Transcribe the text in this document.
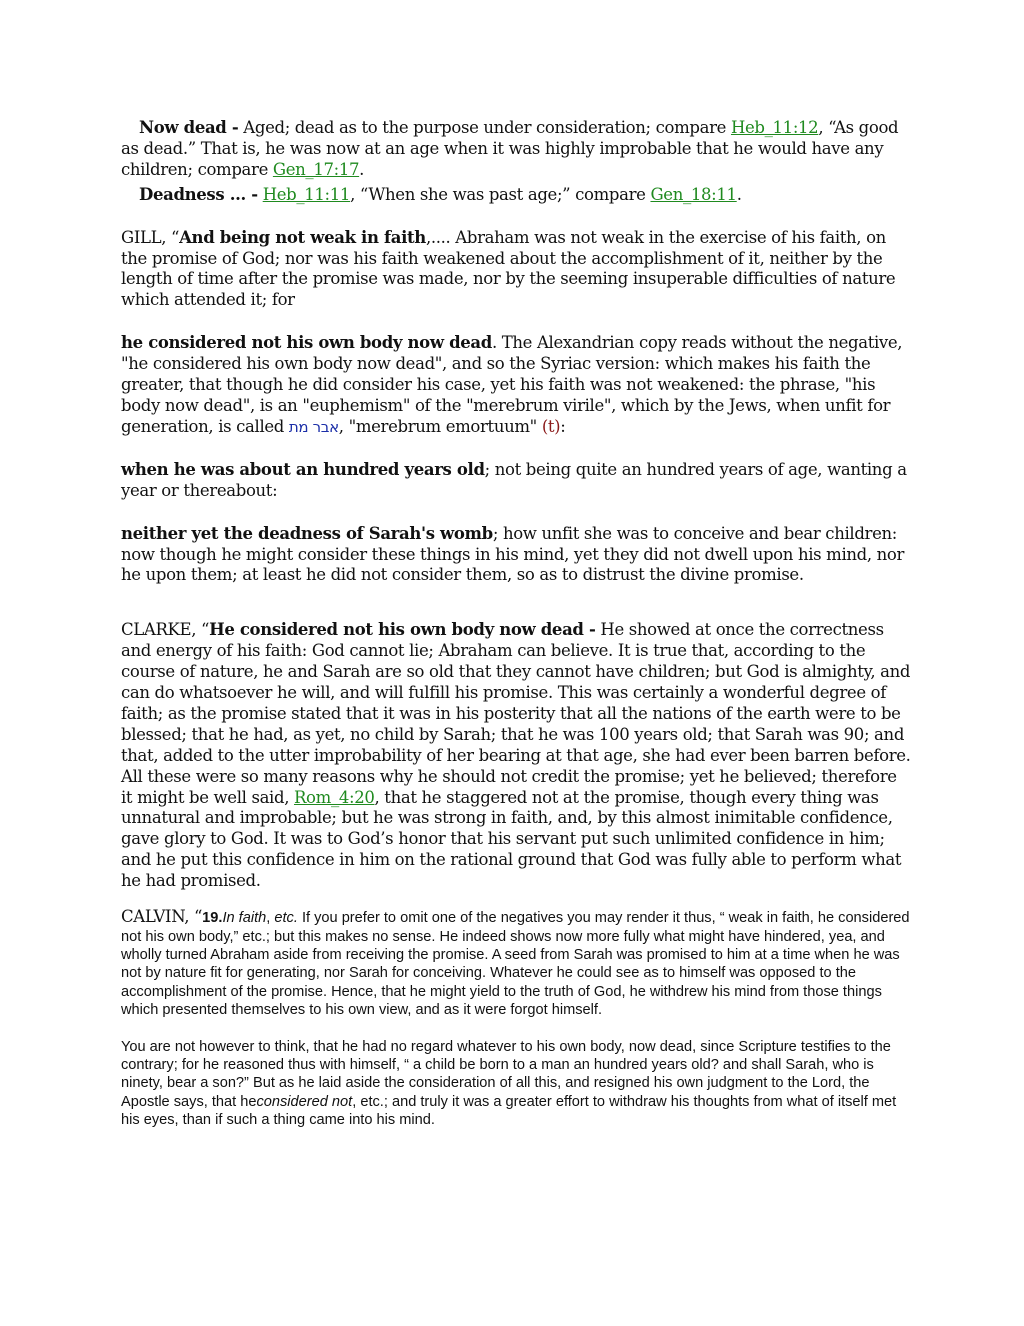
Now dead - Aged; dead as to the purpose under consideration; compare Heb_11:12, “As good as dead.” That is, he was now at an age when it was highly improbable that he would have any children; compare Gen_17:17.

Deadness ... - Heb_11:11, “When she was past age;” compare Gen_18:11.

GILL, “And being not weak in faith,.... Abraham was not weak in the exercise of his faith, on the promise of God; nor was his faith weakened about the accomplishment of it, neither by the length of time after the promise was made, nor by the seeming insuperable difficulties of nature which attended it; for

he considered not his own body now dead. The Alexandrian copy reads without the negative, "he considered his own body now dead", and so the Syriac version: which makes his faith the greater, that though he did consider his case, yet his faith was not weakened: the phrase, "his body now dead", is an "euphemism" of the "merebrum virile", which by the Jews, when unfit for generation, is called אבר מת, "merebrum emortuum" (t):

when he was about an hundred years old; not being quite an hundred years of age, wanting a year or thereabout:

neither yet the deadness of Sarah's womb; how unfit she was to conceive and bear children: now though he might consider these things in his mind, yet they did not dwell upon his mind, nor he upon them; at least he did not consider them, so as to distrust the divine promise.

CLARKE, “He considered not his own body now dead - He showed at once the correctness and energy of his faith: God cannot lie; Abraham can believe. It is true that, according to the course of nature, he and Sarah are so old that they cannot have children; but God is almighty, and can do whatsoever he will, and will fulfill his promise. This was certainly a wonderful degree of faith; as the promise stated that it was in his posterity that all the nations of the earth were to be blessed; that he had, as yet, no child by Sarah; that he was 100 years old; that Sarah was 90; and that, added to the utter improbability of her bearing at that age, she had ever been barren before. All these were so many reasons why he should not credit the promise; yet he believed; therefore it might be well said, Rom_4:20, that he staggered not at the promise, though every thing was unnatural and improbable; but he was strong in faith, and, by this almost inimitable confidence, gave glory to God. It was to God’s honor that his servant put such unlimited confidence in him; and he put this confidence in him on the rational ground that God was fully able to perform what he had promised.

CALVIN, “19.In faith, etc. If you prefer to omit one of the negatives you may render it thus, “ weak in faith, he considered not his own body,” etc.; but this makes no sense. He indeed shows now more fully what might have hindered, yea, and wholly turned Abraham aside from receiving the promise. A seed from Sarah was promised to him at a time when he was not by nature fit for generating, nor Sarah for conceiving. Whatever he could see as to himself was opposed to the accomplishment of the promise. Hence, that he might yield to the truth of God, he withdrew his mind from those things which presented themselves to his own view, and as it were forgot himself.

You are not however to think, that he had no regard whatever to his own body, now dead, since Scripture testifies to the contrary; for he reasoned thus with himself, “ a child be born to a man an hundred years old? and shall Sarah, who is ninety, bear a son?” But as he laid aside the consideration of all this, and resigned his own judgment to the Lord, the Apostle says, that heconsidered not, etc.; and truly it was a greater effort to withdraw his thoughts from what of itself met his eyes, than if such a thing came into his mind.
